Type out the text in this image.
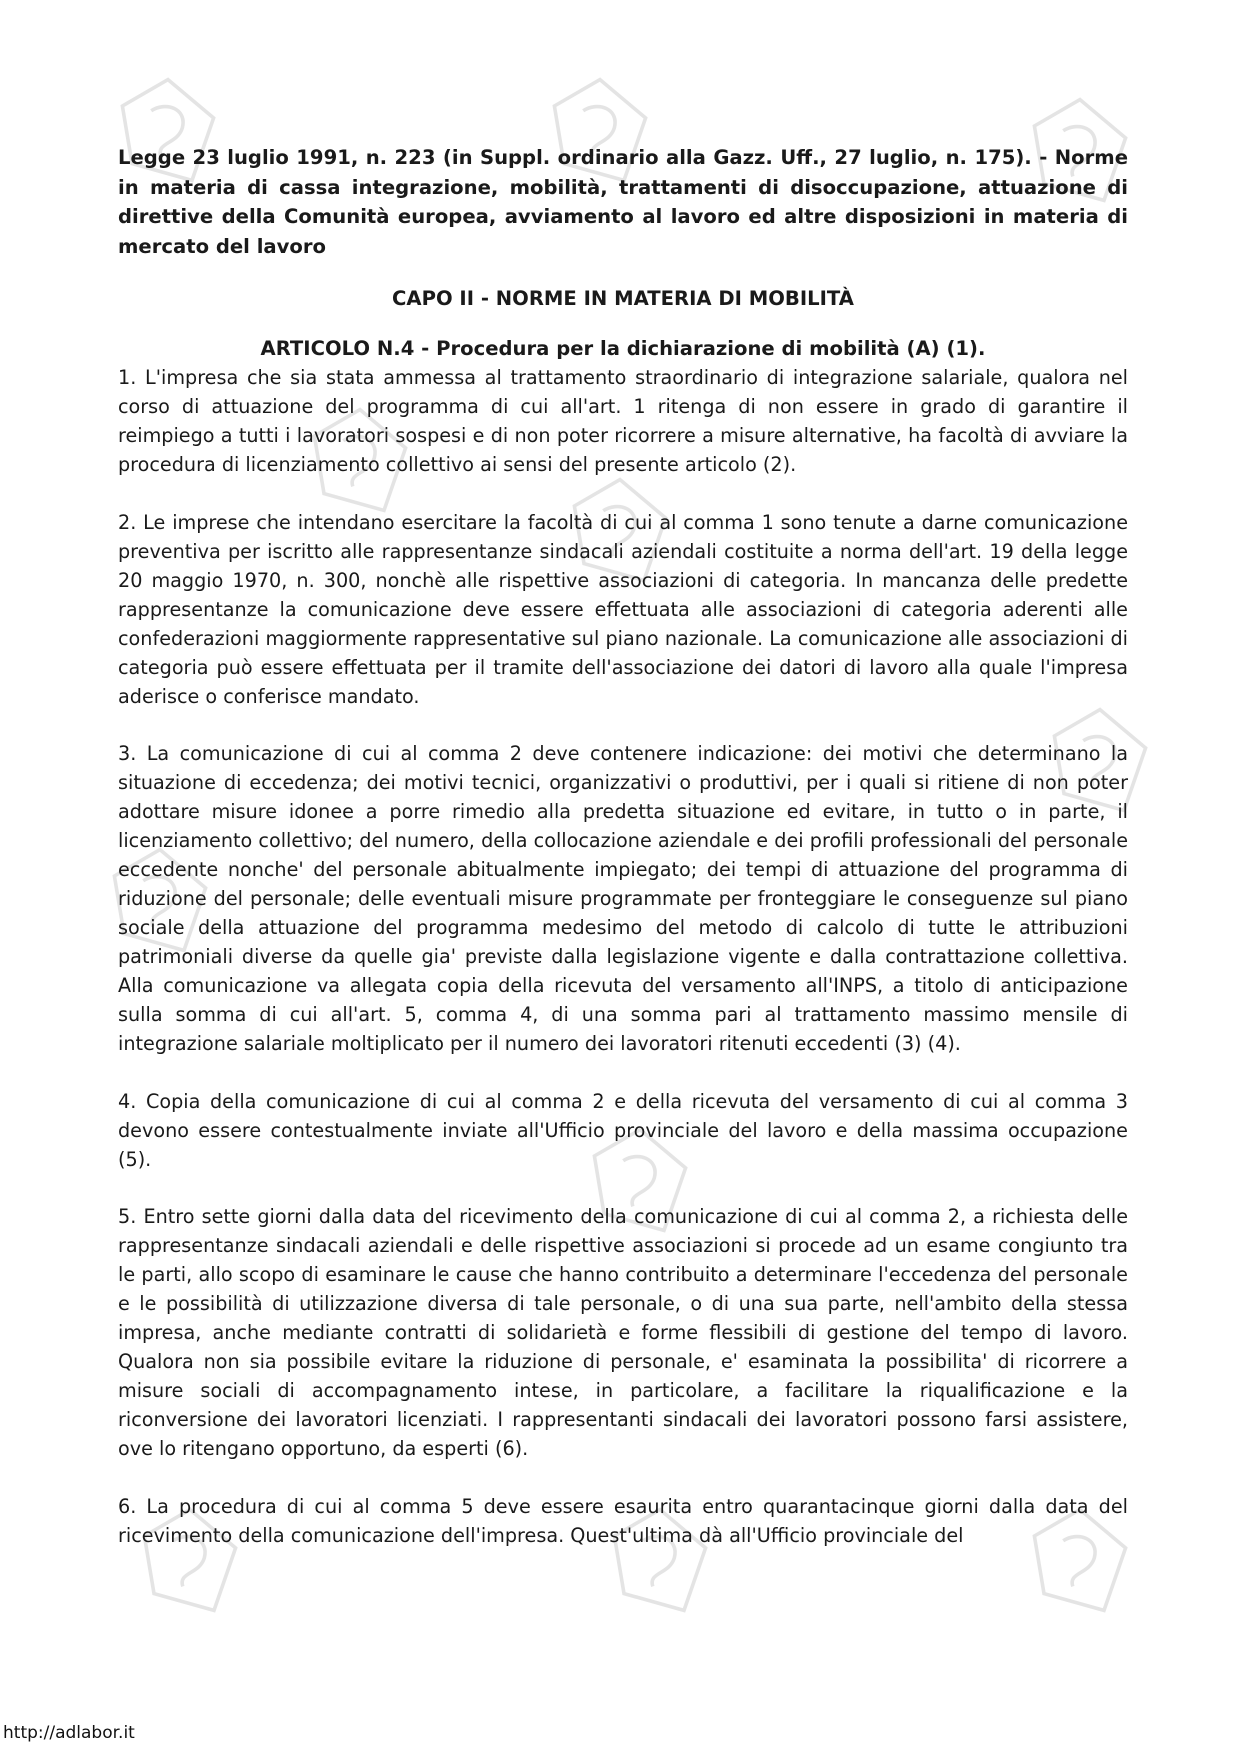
Legge 23 luglio 1991, n. 223 (in Suppl. ordinario alla Gazz. Uff., 27 luglio, n. 175). - Norme in materia di cassa integrazione, mobilità, trattamenti di disoccupazione, attuazione di direttive della Comunità europea, avviamento al lavoro ed altre disposizioni in materia di mercato del lavoro

CAPO II - NORME IN MATERIA DI MOBILITÀ
ARTICOLO N.4 - Procedura per la dichiarazione di mobilità (A) (1).

1. L'impresa che sia stata ammessa al trattamento straordinario di integrazione salariale, qualora nel corso di attuazione del programma di cui all'art. 1 ritenga di non essere in grado di garantire il reimpiego a tutti i lavoratori sospesi e di non poter ricorrere a misure alternative, ha facoltà di avviare la procedura di licenziamento collettivo ai sensi del presente articolo (2).

2. Le imprese che intendano esercitare la facoltà di cui al comma 1 sono tenute a darne comunicazione preventiva per iscritto alle rappresentanze sindacali aziendali costituite a norma dell'art. 19 della legge 20 maggio 1970, n. 300, nonchè alle rispettive associazioni di categoria. In mancanza delle predette rappresentanze la comunicazione deve essere effettuata alle associazioni di categoria aderenti alle confederazioni maggiormente rappresentative sul piano nazionale. La comunicazione alle associazioni di categoria può essere effettuata per il tramite dell'associazione dei datori di lavoro alla quale l'impresa aderisce o conferisce mandato.

3. La comunicazione di cui al comma 2 deve contenere indicazione: dei motivi che determinano la situazione di eccedenza; dei motivi tecnici, organizzativi o produttivi, per i quali si ritiene di non poter adottare misure idonee a porre rimedio alla predetta situazione ed evitare, in tutto o in parte, il licenziamento collettivo; del numero, della collocazione aziendale e dei profili professionali del personale eccedente nonche' del personale abitualmente impiegato; dei tempi di attuazione del programma di riduzione del personale; delle eventuali misure programmate per fronteggiare le conseguenze sul piano sociale della attuazione del programma medesimo del metodo di calcolo di tutte le attribuzioni patrimoniali diverse da quelle gia' previste dalla legislazione vigente e dalla contrattazione collettiva. Alla comunicazione va allegata copia della ricevuta del versamento all'INPS, a titolo di anticipazione sulla somma di cui all'art. 5, comma 4, di una somma pari al trattamento massimo mensile di integrazione salariale moltiplicato per il numero dei lavoratori ritenuti eccedenti (3) (4).

4. Copia della comunicazione di cui al comma 2 e della ricevuta del versamento di cui al comma 3 devono essere contestualmente inviate all'Ufficio provinciale del lavoro e della massima occupazione (5).

5. Entro sette giorni dalla data del ricevimento della comunicazione di cui al comma 2, a richiesta delle rappresentanze sindacali aziendali e delle rispettive associazioni si procede ad un esame congiunto tra le parti, allo scopo di esaminare le cause che hanno contribuito a determinare l'eccedenza del personale e le possibilità di utilizzazione diversa di tale personale, o di una sua parte, nell'ambito della stessa impresa, anche mediante contratti di solidarietà e forme flessibili di gestione del tempo di lavoro. Qualora non sia possibile evitare la riduzione di personale, e' esaminata la possibilita' di ricorrere a misure sociali di accompagnamento intese, in particolare, a facilitare la riqualificazione e la riconversione dei lavoratori licenziati. I rappresentanti sindacali dei lavoratori possono farsi assistere, ove lo ritengano opportuno, da esperti (6).

6. La procedura di cui al comma 5 deve essere esaurita entro quarantacinque giorni dalla data del ricevimento della comunicazione dell'impresa. Quest'ultima dà all'Ufficio provinciale del

http://adlabor.it
